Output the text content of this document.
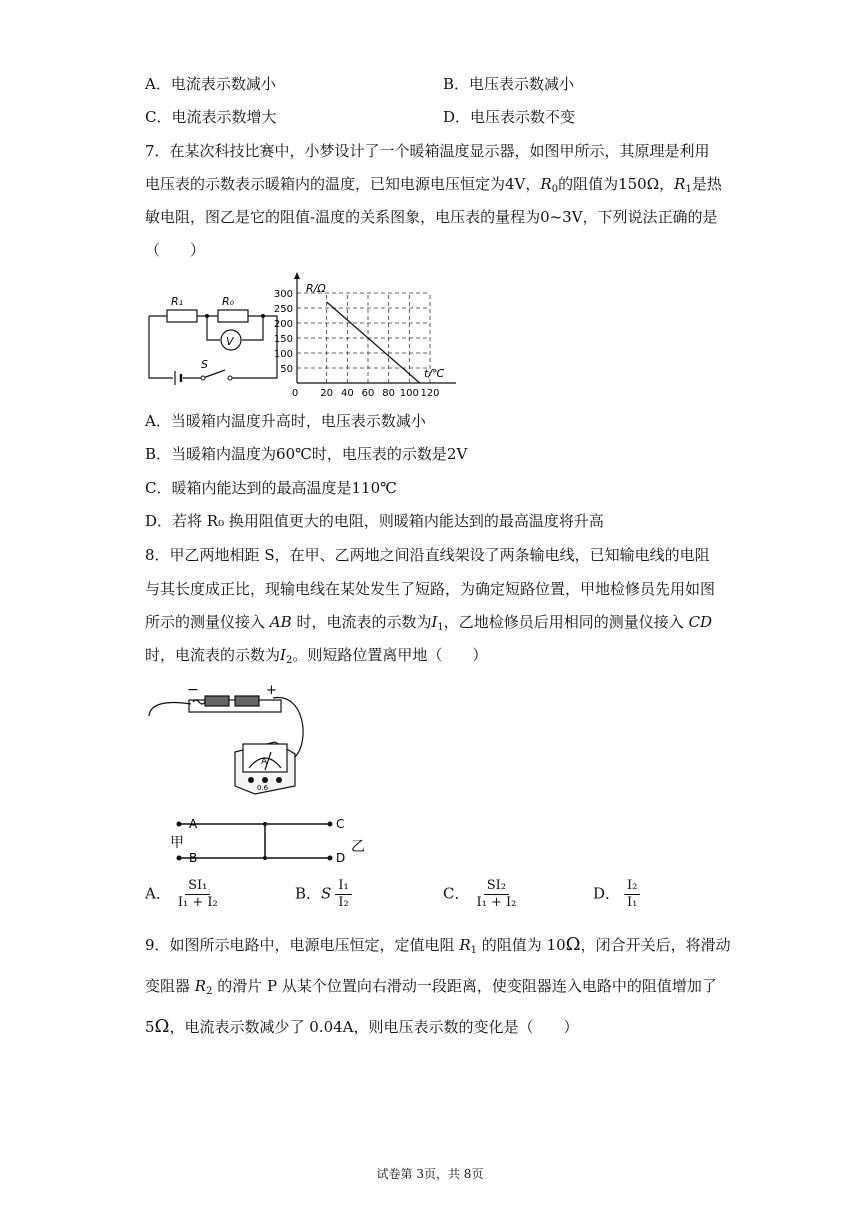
A．电流表示数减小	B．电压表示数减小
C．电流表示数增大	D．电压表示数不变
7．在某次科技比赛中，小梦设计了一个暖箱温度显示器，如图甲所示，其原理是利用
电压表的示数表示暖箱内的温度，已知电源电压恒定为4V，$R_0$的阻值为150Ω，$R_1$是热
敏电阻，图乙是它的阻值-温度的关系图象，电压表的量程为0~3V，下列说法正确的是
（　　）
R₁	R₀
V
S
300
250
200
150
100
50
0 20 40 60 80 100 120
R/Ω
t/℃
A．当暖箱内温度升高时，电压表示数减小
B．当暖箱内温度为60℃时，电压表的示数是2V
C．暖箱内能达到的最高温度是110℃
D．若将 R₀ 换用阻值更大的电阻，则暖箱内能达到的最高温度将升高
8．甲乙两地相距 S，在甲、乙两地之间沿直线架设了两条输电线，已知输电线的电阻
与其长度成正比，现输电线在某处发生了短路，为确定短路位置，甲地检修员先用如图
所示的测量仪接入 AB 时，电流表的示数为$I_1$，乙地检修员后用相同的测量仪接入 CD
时，电流表的示数为$I_2$。则短路位置离甲地（　　）
−	+
A
0.6
A
B
C
D
甲	乙
A． $\frac{\text{SI₁}}{\text{I₁ + I₂}}$	B．S $\frac{\text{I₁}}{\text{I₂}}$	C． $\frac{\text{SI₂}}{\text{I₁ + I₂}}$	D． $\frac{\text{I₂}}{\text{I₁}}$
9．如图所示电路中，电源电压恒定，定值电阻 $R_1$ 的阻值为 10Ω，闭合开关后，将滑动
变阻器 $R_2$ 的滑片 P 从某个位置向右滑动一段距离，使变阻器连入电路中的阻值增加了
5Ω，电流表示数减少了 0.04A，则电压表示数的变化是（　　）
试卷第 3页，共 8页
